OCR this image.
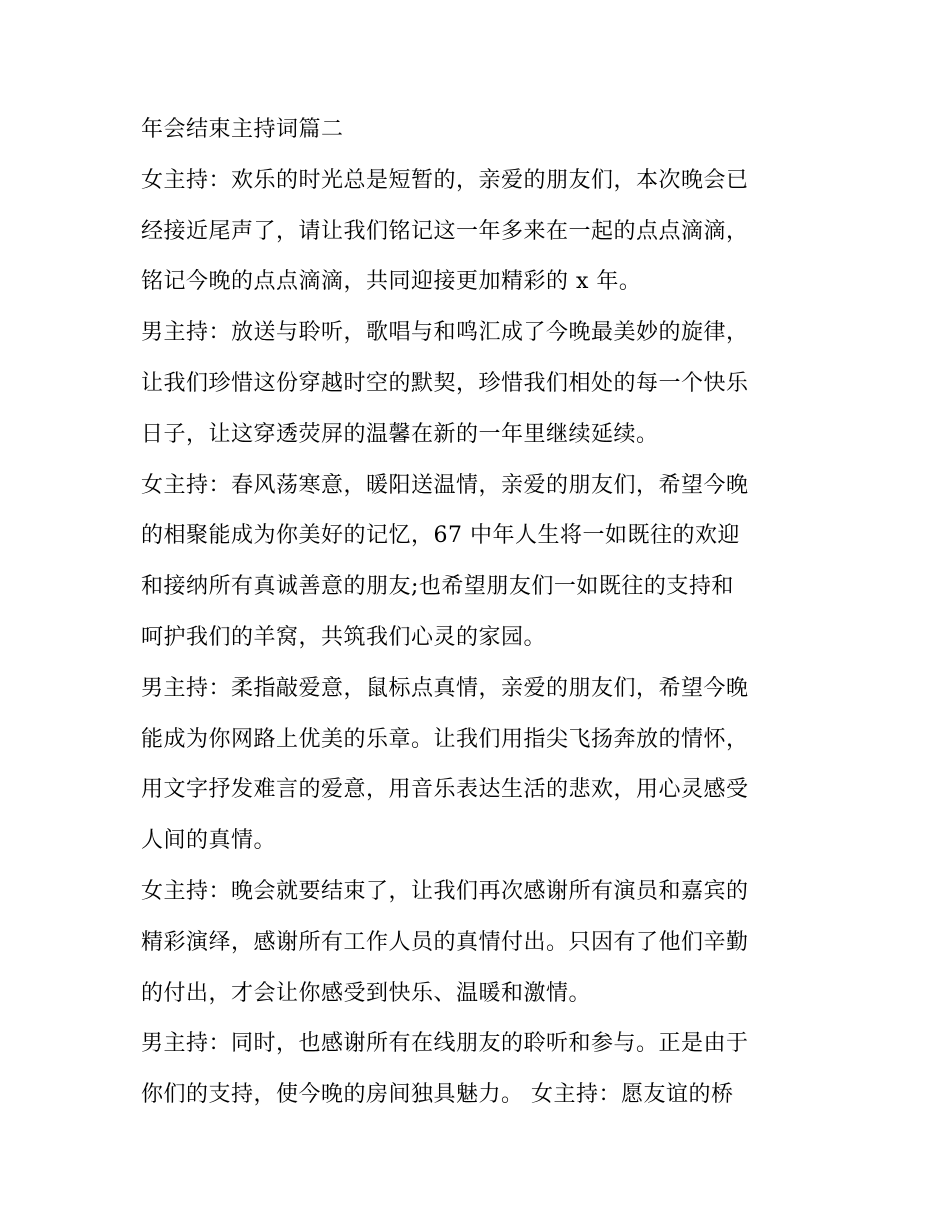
年会结束主持词篇二

女主持：欢乐的时光总是短暂的，亲爱的朋友们，本次晚会已

经接近尾声了，请让我们铭记这一年多来在一起的点点滴滴，

铭记今晚的点点滴滴，共同迎接更加精彩的 x 年。

男主持：放送与聆听，歌唱与和鸣汇成了今晚最美妙的旋律，

让我们珍惜这份穿越时空的默契，珍惜我们相处的每一个快乐

日子，让这穿透荧屏的温馨在新的一年里继续延续。

女主持：春风荡寒意，暖阳送温情，亲爱的朋友们，希望今晚

的相聚能成为你美好的记忆，67 中年人生将一如既往的欢迎

和接纳所有真诚善意的朋友;也希望朋友们一如既往的支持和

呵护我们的羊窝，共筑我们心灵的家园。

男主持：柔指敲爱意，鼠标点真情，亲爱的朋友们，希望今晚

能成为你网路上优美的乐章。让我们用指尖飞扬奔放的情怀，

用文字抒发难言的爱意，用音乐表达生活的悲欢，用心灵感受

人间的真情。

女主持：晚会就要结束了，让我们再次感谢所有演员和嘉宾的

精彩演绎，感谢所有工作人员的真情付出。只因有了他们辛勤

的付出，才会让你感受到快乐、温暖和激情。

男主持：同时，也感谢所有在线朋友的聆听和参与。正是由于

你们的支持，使今晚的房间独具魅力。 女主持：愿友谊的桥
